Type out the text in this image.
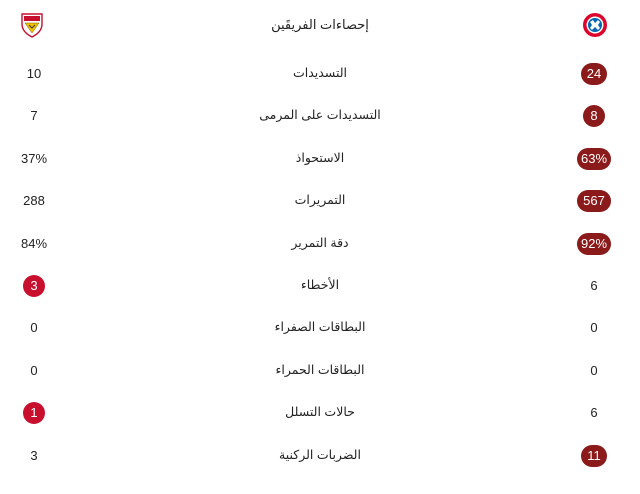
إحصاءات الفريقَين
10	التسديدات	24
7	التسديدات على المرمى	8
37%	الاستحواذ	63%
288	التمريرات	567
84%	دقة التمرير	92%
3	الأخطاء	6
0	البطاقات الصفراء	0
0	البطاقات الحمراء	0
1	حالات التسلل	6
3	الضربات الركنية	11
